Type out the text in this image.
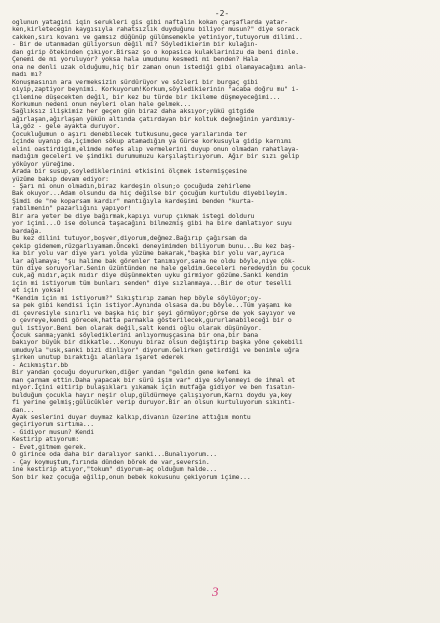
-2-

oglunun yatagini iqin serukleri gis gibi naftalin kokan çarşaflarda yatar-

ken,kirletecegin kaygısıyla rahatsızlık duyduğunu biliyor musun?" diye sorack

cakken,sırı kovanı ve gamsız düğünüp gülümsemekle yetiniyor,tutuyorum dilimi..

- Bir de utanmadan güliyorsun değil mi? Söyledikierim bir kulağın-

dan girip ötekinden çıkıyor.Birsaz şo o kopasica kulaklarinizu da beni dinle.

Çenemi de mi yoruluyor? yoksa hala umudunu kesmedi mi benden? Hala

ona ne denli uzak olduğumu,hiç bir zaman onun istediği gibi olamayacağımı anla-

madı mı?

Konuşmasının ara vermeksizin sürdürüyor ve sözleri bir burgaç gibi

oiyip,zaptiyor beynimi. Korkuyorum!Korkum,söyledikierinin "acaba doğru mu" i-

çilemine düşecekten değil, bir kez bu türde bir ikileme düşmeyeceğimi...

Korkumun nedeni onun neyleri olan hale gelmek...

Sağlıksız ilişkimiz her geçen gün biraz daha aksıyor;yükü gitgide

ağırlaşan,ağırlaşan yükün altında çatırdayan bir koltuk değneğinin yardımıy-

la,göz - gele ayakta duruyor.

Çocukluğumun o aşırı denebilecek tutkusunu,gece yarılarında ter

içinde uyanıp da,içimden sökup atamadığım ya Gürse korkusuyla gidip karnımı

elini oastirdigim,elimde nefes alıp vermelerini duyup onun olmadan rahatlaya-

madığım geceleri ve şimdiki durumumuzu karşılaştırıyorum. Ağır bir sızı gelip

yöküyor yüreğime.

Arada bir susup,soylediklerinini etkisini ölçmek istermişçesine

yüzüme bakıp devam ediyor:

- Şarı mi onun olmadın,biraz kardeşin olsun;o çocuğuda zehirleme

Bak okuyor...Adam olsundu da hiç değilse bir çocuğum kurtuldu diyebileyim.

Şimdi de "ne koparsam kardır" mantığıyla kardeşimi benden "kurta-

rabilmenin" pazarlığını yapıyor!

Bir ara yeter be diye bağırmak,kapıyı vurup çıkmak istegi dolduru

yor içimi...O ise dolunca taşacağını bilmezmiş gibi ha bire damlatıyor suyu

bardağa.

Bu kez dilini tutuyor,boşver,diyorum,değmez.Bağırıp çağırsam da

çekip gidemem,rüzgarlıyamam.Önceki deneyimimden biliyorum bunu...Bu kez baş-

ka bir yolu var diye yarı yolda yüzüme bakarak,"başka bir yolu var,ayrıca

lar ağlamaya; "şu halime bak görenler tanımıyor,sana ne oldu böyle,niye çök-

tün diye soruyorlar.Senin üzüntünden ne hale geldim.Geceleri neredeydin bu çocuk

cuk,ağ mıdır,açık mıdır diye düşünmekten uyku girmiyor gözüme.Sanki kendim

için mi istiyorum tüm bunları senden" diye sızlanmaya...Bir de otur teselli

et için yoksa!

"Kendim için mi istiyorum?" Sıkıştırıp zaman hep böyle söylüyor;oy-

sa pek gibi kendisi için istiyor.Aynında olsasa da.bu böyle...Tüm yaşamı ke

di çevresiyle sınırlı ve başka hiç bir şeyi görmüyor;görse de yok sayıyor ve

o çevreye,kendi görecek,hatta parmakla gösterilecek,gururlanabileceği bir o

gul istiyor.Beni ben olarak değil,salt kendi oğlu olarak düşünüyor.

Çocuk sanma;yanki söylediklerini anlıyormuşçasına bir ona,bir bana

bakıyor büyük bir dikkatle...Konuyu biraz olsun değiştirıp başka yöne çekebili

umuduyla "usk,sanki bizi dinliyor" diyorum.Gelirken getirdiği ve benimle uğra

şirken unutup bıraktığı alanlara işaret ederek

- Acıkmıştır.bb

Bir yandan çocuğu doyururken,diğer yandan "geldin gene kefemi ka

man çarmam ettin.Daha yapacak bir sürü işim var" diye söylenmeyi de ihmal et

miyor.İçini eitirip bulaşıkları yıkamak için mutfağa gidiyor ve ben fısatın-

bulduğum çocukla hayır neşir olup,güldürmeye çalışıyorum,Karnı doydu ya,key

fi yerine gelmiş;gülücükler verip duruyor.Bir an olsun kurtuluyorum sıkıntı-

dan...

Ayak seslerini duyar duymaz kalkıp,divanın üzerine attığım montu

geçiriyorum sırtıma...

- Gidiyor musun? Kendi

Kestirip atıyorum:

- Evet,gitmem gerek.

O girince oda daha bir daralıyor sanki...Bunalıyorum...

- Çay koymuştum,fırında dünden börek de var,seversin.

ine kestirip atıyor,"tokum" diyorum-aç olduğum halde...

Son bir kez çocuğa eğilip,onun bebek kokusunu çekiyorum içime...

3
